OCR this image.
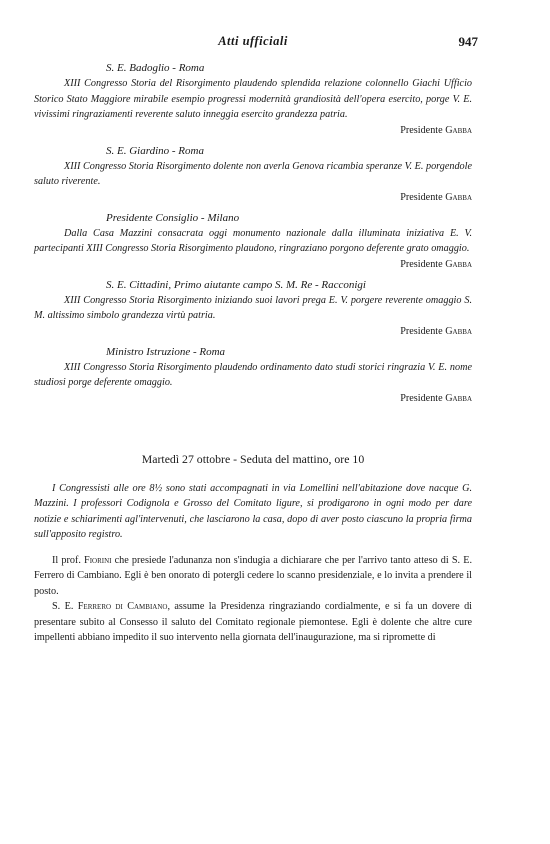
Atti ufficiali	947
S. E. Badoglio - Roma

XIII Congresso Storia del Risorgimento plaudendo splendida relazione colonnello Giachi Ufficio Storico Stato Maggiore mirabile esempio progressi modernità grandiosità dell'opera esercito, porge V. E. vivissimi ringraziamenti reverente saluto inneggia esercito grandezza patria.

Presidente Gabba

S. E. Giardino - Roma

XIII Congresso Storia Risorgimento dolente non averla Genova ricambia speranze V. E. porgendole saluto riverente.

Presidente Gabba

Presidente Consiglio - Milano

Dalla Casa Mazzini consacrata oggi monumento nazionale dalla illuminata iniziativa E. V. partecipanti XIII Congresso Storia Risorgimento plaudono, ringraziano porgono deferente grato omaggio.

Presidente Gabba

S. E. Cittadini, Primo aiutante campo S. M. Re - Racconigi

XIII Congresso Storia Risorgimento iniziando suoi lavori prega E. V. porgere reverente omaggio S. M. altissimo simbolo grandezza virtù patria.

Presidente Gabba

Ministro Istruzione - Roma

XIII Congresso Storia Risorgimento plaudendo ordinamento dato studi storici ringrazia V. E. nome studiosi porge deferente omaggio.

Presidente Gabba

Martedì 27 ottobre - Seduta del mattino, ore 10

I Congressisti alle ore 8½ sono stati accompagnati in via Lomellini nell'abitazione dove nacque G. Mazzini. I professori Codignola e Grosso del Comitato ligure, si prodigarono in ogni modo per dare notizie e schiarimenti agl'intervenuti, che lasciarono la casa, dopo di aver posto ciascuno la propria firma sull'apposito registro.

Il prof. Fiorini che presiede l'adunanza non s'indugia a dichiarare che per l'arrivo tanto atteso di S. E. Ferrero di Cambiano. Egli è ben onorato di potergli cedere lo scanno presidenziale, e lo invita a prendere il posto.

S. E. Ferrero di Cambiano, assume la Presidenza ringraziando cordialmente, e si fa un dovere di presentare subito al Consesso il saluto del Comitato regionale piemontese. Egli è dolente che altre cure impellenti abbiano impedito il suo intervento nella giornata dell'inaugurazione, ma si ripromette di
